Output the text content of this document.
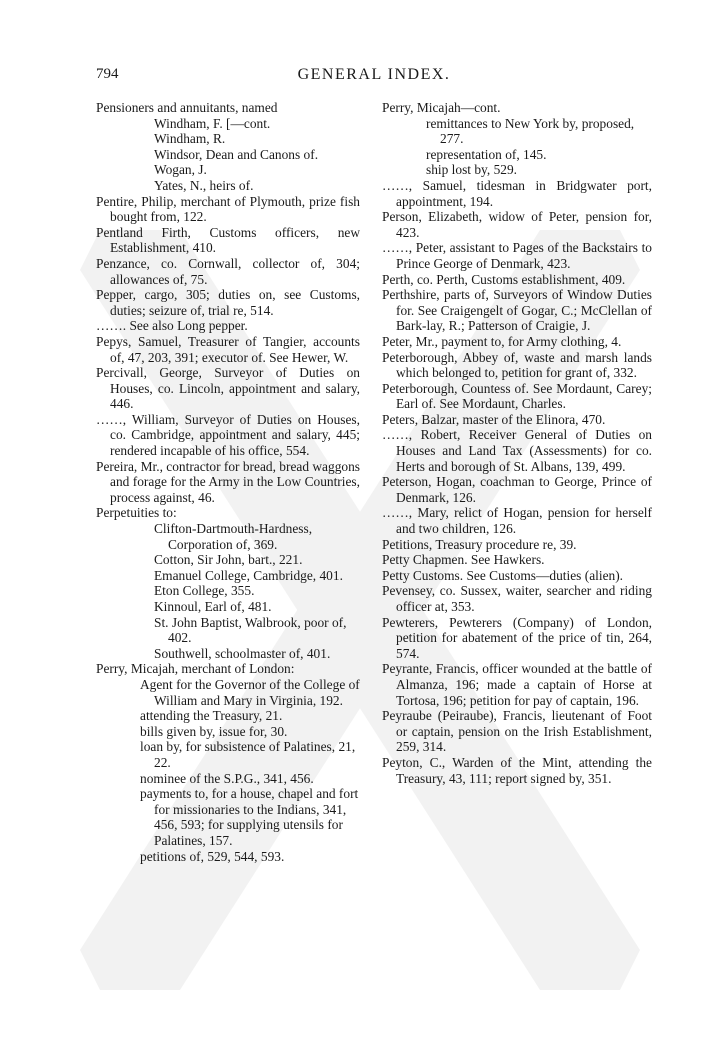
794	GENERAL INDEX.
Pensioners and annuitants, named
Windham, F. [—cont.
Windham, R.
Windsor, Dean and Canons of.
Wogan, J.
Yates, N., heirs of.
Pentire, Philip, merchant of Plymouth, prize fish bought from, 122.
Pentland Firth, Customs officers, new Establishment, 410.
Penzance, co. Cornwall, collector of, 304; allowances of, 75.
Pepper, cargo, 305; duties on, see Customs, duties; seizure of, trial re, 514.
……. See also Long pepper.
Pepys, Samuel, Treasurer of Tangier, accounts of, 47, 203, 391; executor of. See Hewer, W.
Percivall, George, Surveyor of Duties on Houses, co. Lincoln, appointment and salary, 446.
……, William, Surveyor of Duties on Houses, co. Cambridge, appointment and salary, 445; rendered incapable of his office, 554.
Pereira, Mr., contractor for bread, bread waggons and forage for the Army in the Low Countries, process against, 46.
Perpetuities to:
Clifton-Dartmouth-Hardness, Corporation of, 369.
Cotton, Sir John, bart., 221.
Emanuel College, Cambridge, 401.
Eton College, 355.
Kinnoul, Earl of, 481.
St. John Baptist, Walbrook, poor of, 402.
Southwell, schoolmaster of, 401.
Perry, Micajah, merchant of London:
Agent for the Governor of the College of William and Mary in Virginia, 192.
attending the Treasury, 21.
bills given by, issue for, 30.
loan by, for subsistence of Palatines, 21, 22.
nominee of the S.P.G., 341, 456.
payments to, for a house, chapel and fort for missionaries to the Indians, 341, 456, 593; for supplying utensils for Palatines, 157.
petitions of, 529, 544, 593.
Perry, Micajah—cont.
remittances to New York by, proposed, 277.
representation of, 145.
ship lost by, 529.
……, Samuel, tidesman in Bridgwater port, appointment, 194.
Person, Elizabeth, widow of Peter, pension for, 423.
……, Peter, assistant to Pages of the Backstairs to Prince George of Denmark, 423.
Perth, co. Perth, Customs establishment, 409.
Perthshire, parts of, Surveyors of Window Duties for. See Craigengelt of Gogar, C.; McClellan of Bark-lay, R.; Patterson of Craigie, J.
Peter, Mr., payment to, for Army clothing, 4.
Peterborough, Abbey of, waste and marsh lands which belonged to, petition for grant of, 332.
Peterborough, Countess of. See Mordaunt, Carey; Earl of. See Mordaunt, Charles.
Peters, Balzar, master of the Elinora, 470.
……, Robert, Receiver General of Duties on Houses and Land Tax (Assessments) for co. Herts and borough of St. Albans, 139, 499.
Peterson, Hogan, coachman to George, Prince of Denmark, 126.
……, Mary, relict of Hogan, pension for herself and two children, 126.
Petitions, Treasury procedure re, 39.
Petty Chapmen. See Hawkers.
Petty Customs. See Customs—duties (alien).
Pevensey, co. Sussex, waiter, searcher and riding officer at, 353.
Pewterers, Pewterers (Company) of London, petition for abatement of the price of tin, 264, 574.
Peyrante, Francis, officer wounded at the battle of Almanza, 196; made a captain of Horse at Tortosa, 196; petition for pay of captain, 196.
Peyraube (Peiraube), Francis, lieutenant of Foot or captain, pension on the Irish Establishment, 259, 314.
Peyton, C., Warden of the Mint, attending the Treasury, 43, 111; report signed by, 351.
